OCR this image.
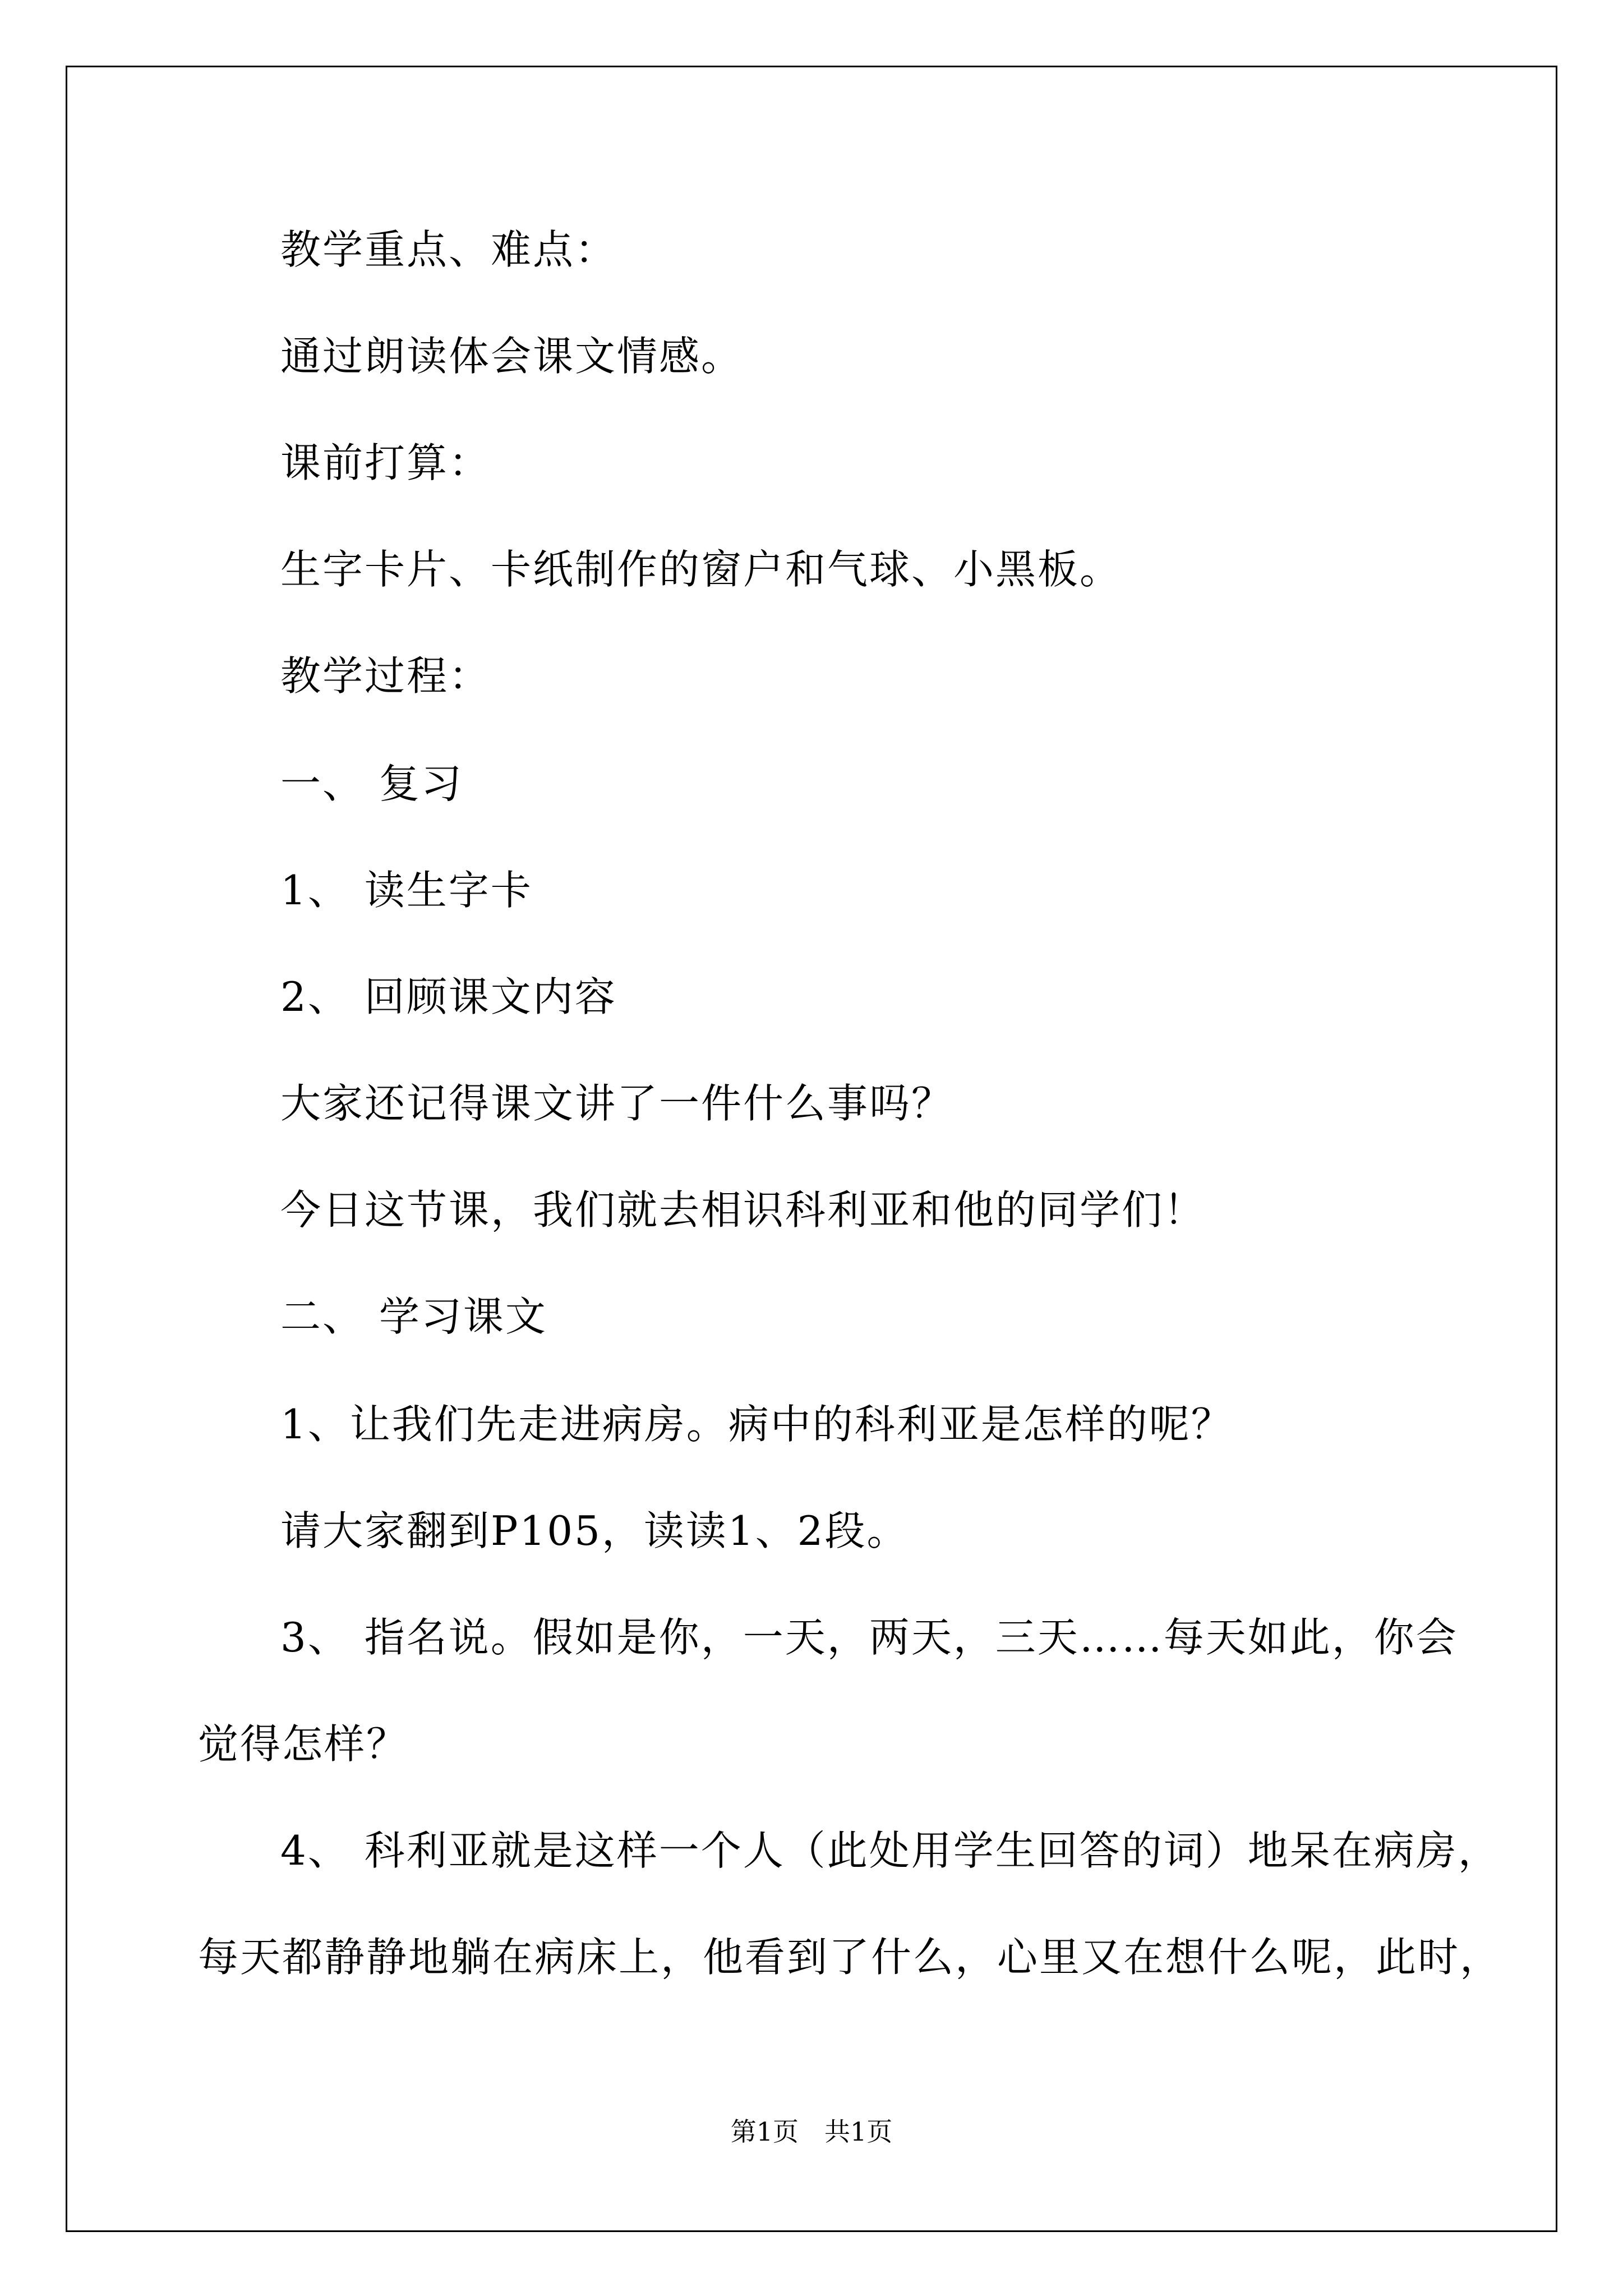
教学重点、难点：
通过朗读体会课文情感。
课前打算：
生字卡片、卡纸制作的窗户和气球、小黑板。
教学过程：
一、 复习
1、 读生字卡
2、 回顾课文内容
大家还记得课文讲了一件什么事吗？
今日这节课，我们就去相识科利亚和他的同学们！
二、 学习课文
1、让我们先走进病房。病中的科利亚是怎样的呢？
请大家翻到P105，读读1、2段。
3、 指名说。假如是你，一天，两天，三天……每天如此，你会
觉得怎样？
4、 科利亚就是这样一个人（此处用学生回答的词）地呆在病房，
每天都静静地躺在病床上，他看到了什么，心里又在想什么呢，此时，
第1页　共1页
